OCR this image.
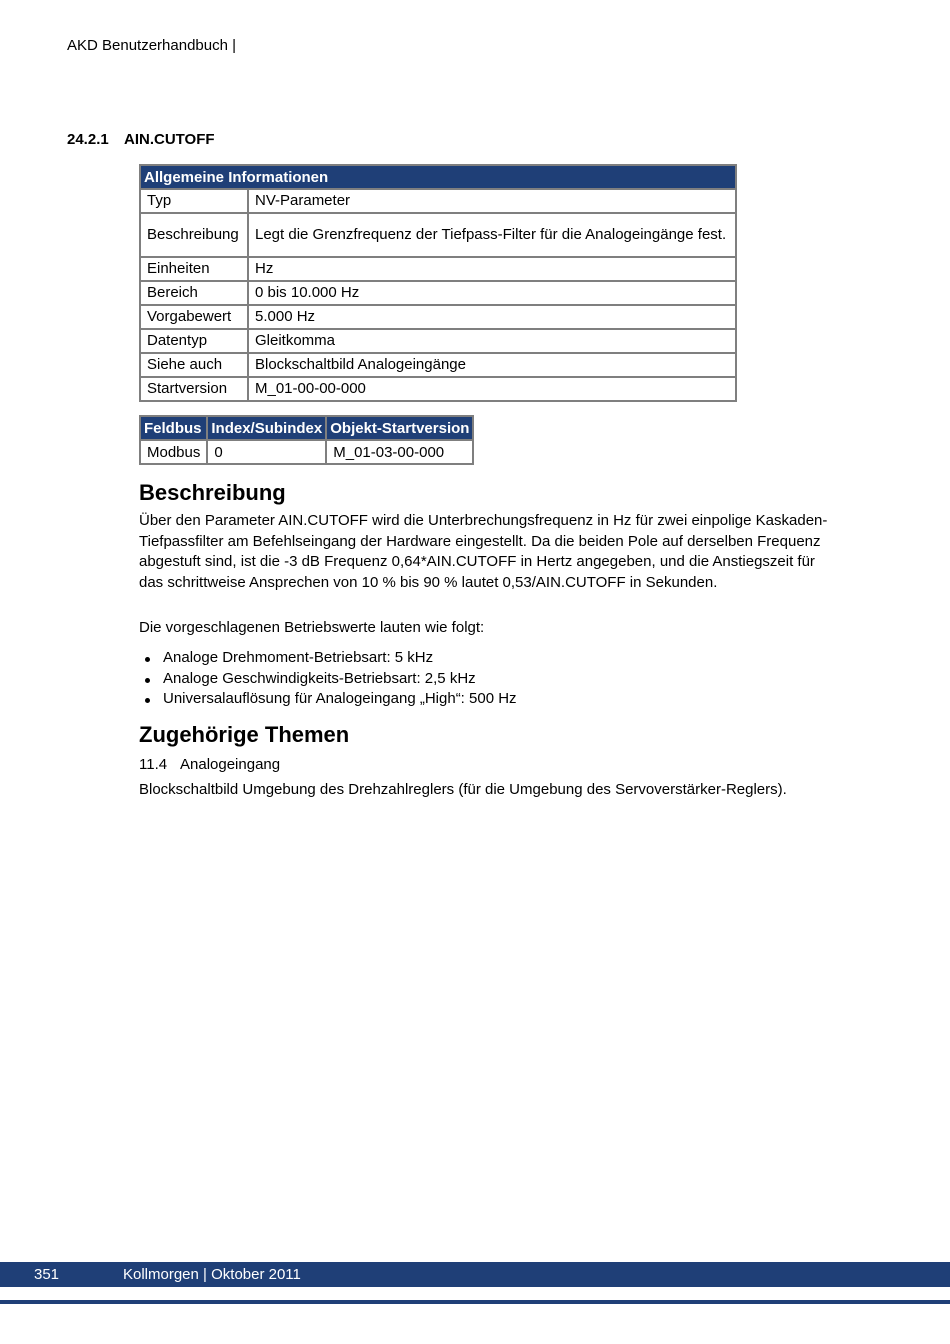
AKD Benutzerhandbuch |
24.2.1 AIN.CUTOFF
Allgemeine Informationen	
Typ	NV-Parameter
Beschreibung	Legt die Grenzfrequenz der Tiefpass-Filter für die Analogeingänge fest.
Einheiten	Hz
Bereich	0 bis 10.000 Hz
Vorgabewert	5.000 Hz
Datentyp	Gleitkomma
Siehe auch	Blockschaltbild Analogeingänge
Startversion	M_01-00-00-000
Feldbus	Index/Subindex	Objekt-Startversion
Modbus	0	M_01-03-00-000
Beschreibung
Über den Parameter AIN.CUTOFF wird die Unterbrechungsfrequenz in Hz für zwei einpolige Kaskaden-Tiefpassfilter am Befehlseingang der Hardware eingestellt. Da die beiden Pole auf derselben Frequenz abgestuft sind, ist die -3 dB Frequenz 0,64*AIN.CUTOFF in Hertz angegeben, und die Anstiegszeit für das schrittweise Ansprechen von 10 % bis 90 % lautet 0,53/AIN.CUTOFF in Sekunden.
Die vorgeschlagenen Betriebswerte lauten wie folgt:
Analoge Drehmoment-Betriebsart: 5 kHz
Analoge Geschwindigkeits-Betriebsart: 2,5 kHz
Universalauflösung für Analogeingang „High“: 500 Hz
Zugehörige Themen
11.4 Analogeingang
Blockschaltbild Umgebung des Drehzahlreglers (für die Umgebung des Servoverstärker-Reglers).
351	Kollmorgen | Oktober 2011
